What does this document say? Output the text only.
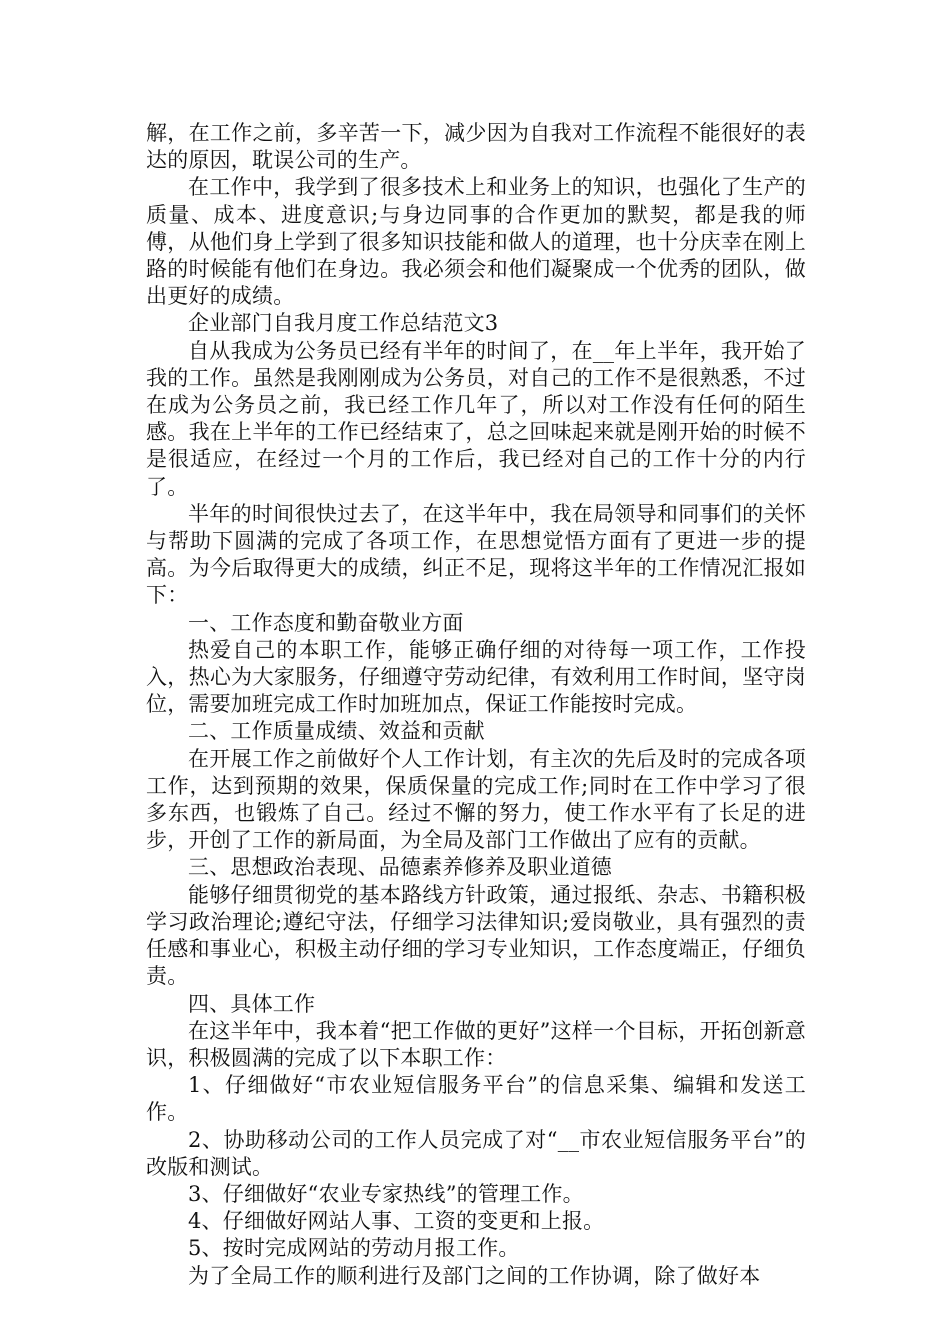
解，在工作之前，多辛苦一下，减少因为自我对工作流程不能很好的表达的原因，耽误公司的生产。

在工作中，我学到了很多技术上和业务上的知识，也强化了生产的质量、成本、进度意识;与身边同事的合作更加的默契，都是我的师傅，从他们身上学到了很多知识技能和做人的道理，也十分庆幸在刚上路的时候能有他们在身边。我必须会和他们凝聚成一个优秀的团队，做出更好的成绩。

企业部门自我月度工作总结范文3

自从我成为公务员已经有半年的时间了，在__年上半年，我开始了我的工作。虽然是我刚刚成为公务员，对自己的工作不是很熟悉，不过在成为公务员之前，我已经工作几年了，所以对工作没有任何的陌生感。我在上半年的工作已经结束了，总之回味起来就是刚开始的时候不是很适应，在经过一个月的工作后，我已经对自己的工作十分的内行了。

半年的时间很快过去了，在这半年中，我在局领导和同事们的关怀与帮助下圆满的完成了各项工作，在思想觉悟方面有了更进一步的提高。为今后取得更大的成绩，纠正不足，现将这半年的工作情况汇报如下：

一、工作态度和勤奋敬业方面

热爱自己的本职工作，能够正确仔细的对待每一项工作，工作投入，热心为大家服务，仔细遵守劳动纪律，有效利用工作时间，坚守岗位，需要加班完成工作时加班加点，保证工作能按时完成。

二、工作质量成绩、效益和贡献

在开展工作之前做好个人工作计划，有主次的先后及时的完成各项工作，达到预期的效果，保质保量的完成工作;同时在工作中学习了很多东西，也锻炼了自己。经过不懈的努力，使工作水平有了长足的进步，开创了工作的新局面，为全局及部门工作做出了应有的贡献。

三、思想政治表现、品德素养修养及职业道德

能够仔细贯彻党的基本路线方针政策，通过报纸、杂志、书籍积极学习政治理论;遵纪守法，仔细学习法律知识;爱岗敬业，具有强烈的责任感和事业心，积极主动仔细的学习专业知识，工作态度端正，仔细负责。

四、具体工作

在这半年中，我本着“把工作做的更好”这样一个目标，开拓创新意识，积极圆满的完成了以下本职工作：

1、仔细做好“市农业短信服务平台”的信息采集、编辑和发送工作。

2、协助移动公司的工作人员完成了对“__市农业短信服务平台”的改版和测试。

3、仔细做好“农业专家热线”的管理工作。

4、仔细做好网站人事、工资的变更和上报。

5、按时完成网站的劳动月报工作。

为了全局工作的顺利进行及部门之间的工作协调，除了做好本
